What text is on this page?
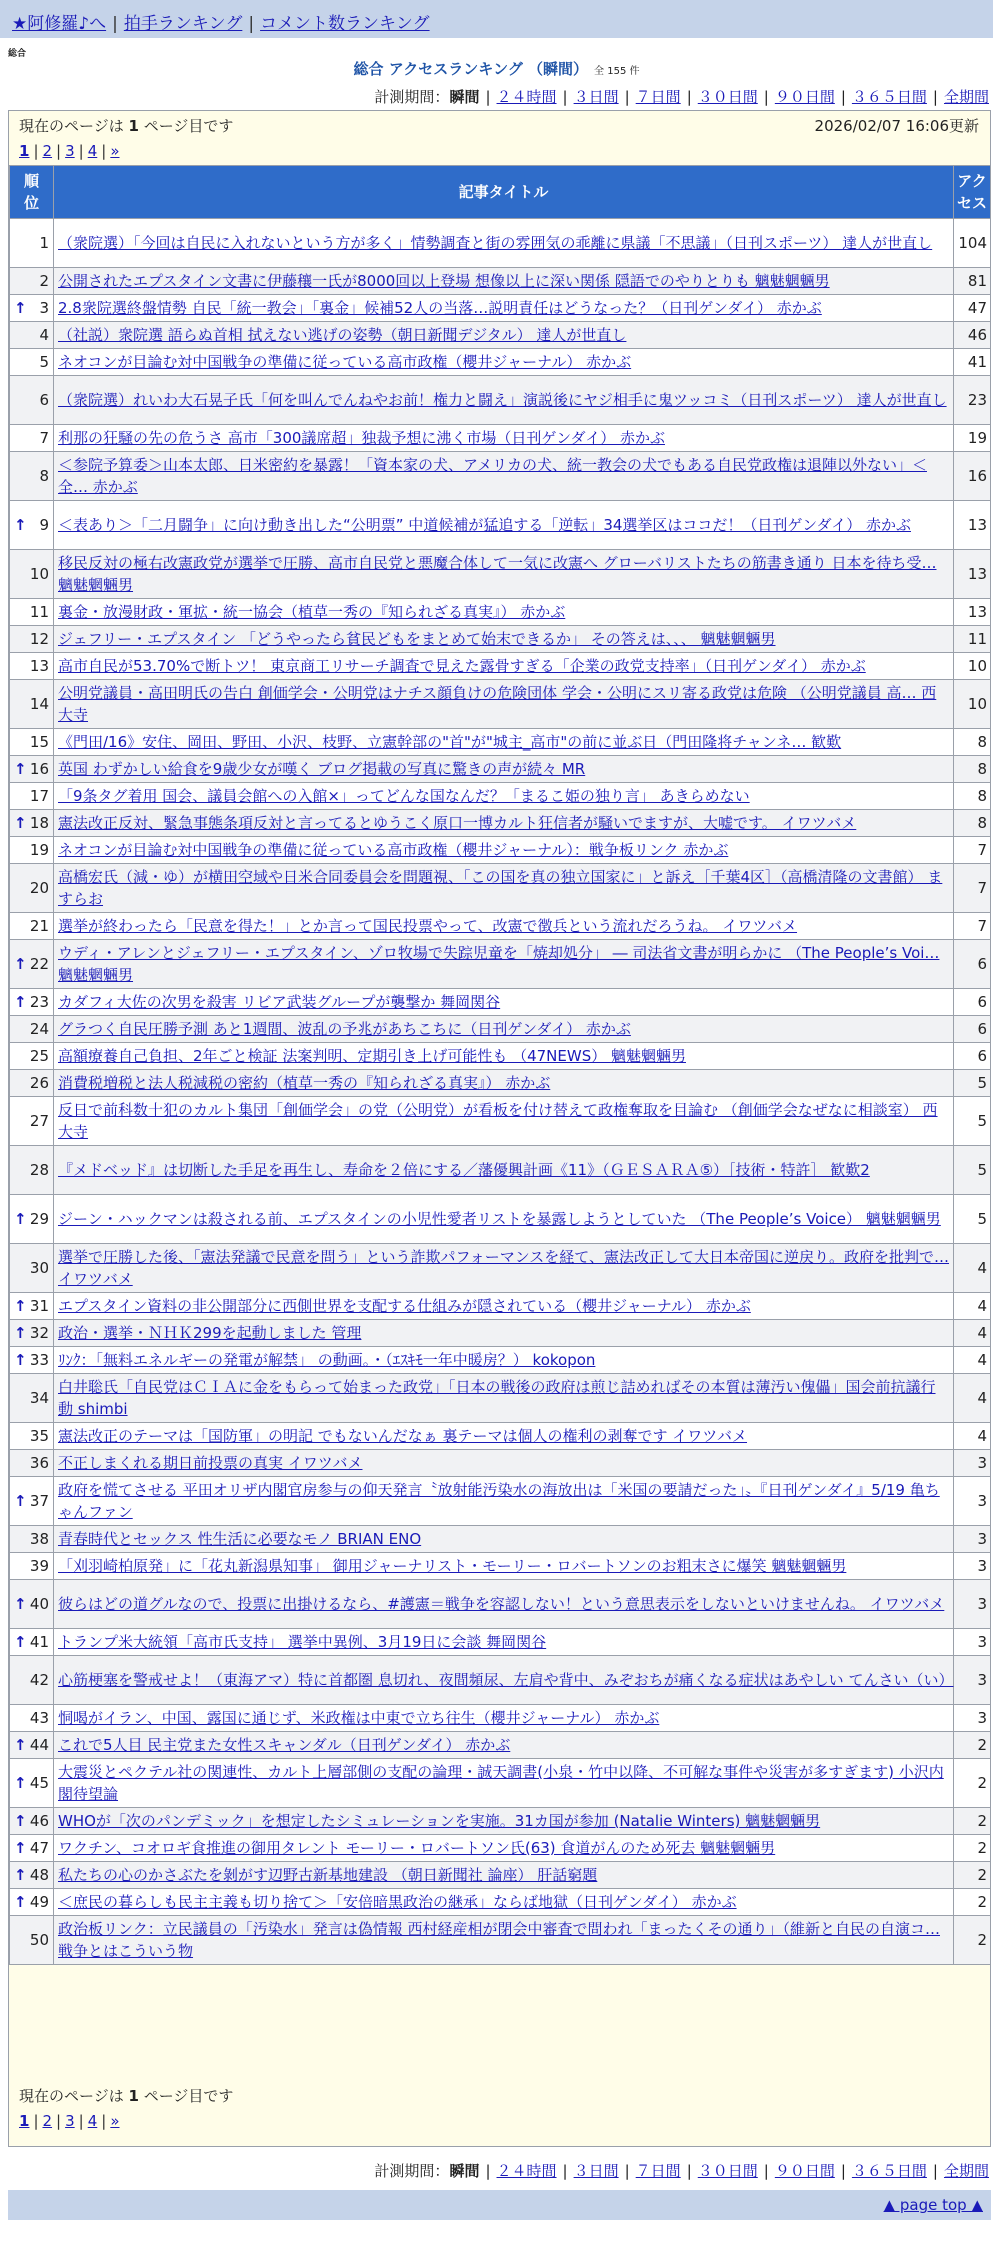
★阿修羅♪へ | 拍手ランキング | コメント数ランキング
総合
総合 アクセスランキング （瞬間） 全 155 件
計測期間：瞬間 | ２４時間 | ３日間 | ７日間 | ３０日間 | ９０日間 | ３６５日間 | 全期間
現在のページは 1 ページ目です	2026/02/07 16:06更新
1 | 2 | 3 | 4 | »
順位	記事タイトル	アクセス
1	（衆院選）「今回は自民に入れないという方が多く」情勢調査と街の雰囲気の乖離に県議「不思議」（日刊スポーツ） 達人が世直し	104
2	公開されたエプスタイン文書に伊藤穰一氏が8000回以上登場 想像以上に深い関係 隠語でのやりとりも 魑魅魍魎男	81

↑ 3	2.8衆院選終盤情勢 自民「統一教会」「裏金」候補52人の当落…説明責任はどうなった？（日刊ゲンダイ） 赤かぶ	47
4	（社説）衆院選 語らぬ首相 拭えない逃げの姿勢（朝日新聞デジタル） 達人が世直し	46
5	ネオコンが目論む対中国戦争の準備に従っている高市政権（櫻井ジャーナル） 赤かぶ	41
6	（衆院選）れいわ大石晃子氏「何を叫んでんねやお前！権力と闘え」演説後にヤジ相手に鬼ツッコミ（日刊スポーツ） 達人が世直し	23
7	利那の狂騒の先の危うさ 高市「300議席超」独裁予想に沸く市場（日刊ゲンダイ） 赤かぶ	19
8	＜参院予算委＞山本太郎、日米密約を暴露！「資本家の犬、アメリカの犬、統一教会の犬でもある自民党政権は退陣以外ない」＜全… 赤かぶ	16

↑ 9	＜表あり＞「二月闘争」に向け動き出した“公明票” 中道候補が猛追する「逆転」34選挙区はココだ！（日刊ゲンダイ） 赤かぶ	13
10	移民反対の極右改憲政党が選挙で圧勝、高市自民党と悪魔合体して一気に改憲へ グローバリストたちの筋書き通り 日本を待ち受… 魑魅魍魎男	13
11	裏金・放漫財政・軍拡・統一協会（植草一秀の『知られざる真実』） 赤かぶ	13
12	ジェフリー・エプスタイン 「どうやったら貧民どもをまとめて始末できるか」 その答えは、、、 魑魅魍魎男	11
13	高市自民が53.70%で断トツ！ 東京商工リサーチ調査で見えた露骨すぎる「企業の政党支持率」（日刊ゲンダイ） 赤かぶ	10
14	公明党議員・高田明氏の告白 創価学会・公明党はナチス顔負けの危険団体 学会・公明にスリ寄る政党は危険 （公明党議員 高… 西大寺	10
15	《門田/16》安住、岡田、野田、小沢、枝野、立憲幹部の"首"が"城主_高市"の前に並ぶ日（門田隆将チャンネ… 歓歎	8

↑ 16	英国 わずかしい給食を9歳少女が嘆く ブログ掲載の写真に驚きの声が続々 MR	8
17	「9条タグ着用 国会、議員会館への入館×」ってどんな国なんだ？「まるこ姫の独り言」 あきらめない	8

↑ 18	憲法改正反対、緊急事態条項反対と言ってるとゆうこく原口一博カルト狂信者が騒いでますが、大嘘です。 イワツバメ	8
19	ネオコンが目論む対中国戦争の準備に従っている高市政権（櫻井ジャーナル）：戦争板リンク 赤かぶ	7
20	高橋宏氏（減・ゆ）が横田空域や日米合同委員会を問題視、「この国を真の独立国家に」と訴え［千葉4区］（高橋清隆の文書館） ますらお	7
21	選挙が終わったら「民意を得た！」とか言って国民投票やって、改憲で徴兵という流れだろうね。 イワツバメ	7

↑ 22	ウディ・アレンとジェフリー・エプスタイン、ゾロ牧場で失踪児童を「焼却処分」 ― 司法省文書が明らかに （The People’s Voi… 魑魅魍魎男	6

↑ 23	カダフィ大佐の次男を殺害 リビア武装グループが襲撃か 舞岡関谷	6
24	グラつく自民圧勝予測 あと1週間、波乱の予兆があちこちに（日刊ゲンダイ） 赤かぶ	6
25	高額療養自己負担、2年ごと検証 法案判明、定期引き上げ可能性も （47NEWS） 魑魅魍魎男	6
26	消費税増税と法人税減税の密約（植草一秀の『知られざる真実』） 赤かぶ	5
27	反日で前科数十犯のカルト集団「創価学会」の党（公明党）が看板を付け替えて政権奪取を目論む （創価学会なぜなに相談室） 西大寺	5
28	『メドベッド』は切断した手足を再生し、寿命を２倍にする／藩優興計画《11》（ＧＥＳＡＲＡ⑤）［技術・特許］ 歓歎2	5

↑ 29	ジーン・ハックマンは殺される前、エプスタインの小児性愛者リストを暴露しようとしていた （The People’s Voice） 魑魅魍魎男	5
30	選挙で圧勝した後、「憲法発議で民意を問う」という詐欺パフォーマンスを経て、憲法改正して大日本帝国に逆戻り。政府を批判で… イワツバメ	4

↑ 31	エプスタイン資料の非公開部分に西側世界を支配する仕組みが隠されている（櫻井ジャーナル） 赤かぶ	4

↑ 32	政治・選挙・ＮＨＫ299を起動しました 管理	4

↑ 33	ﾘﾝｸ：「無料エネルギーの発電が解禁」 の動画。・（ｴｽｷﾓ一年中暖房？） kokopon	4
34	白井聡氏「自民党はＣＩＡに金をもらって始まった政党」「日本の戦後の政府は煎じ詰めればその本質は薄汚い傀儡」国会前抗議行動 shimbi	4
35	憲法改正のテーマは「国防軍」の明記 でもないんだなぁ 裏テーマは個人の権利の剥奪です イワツバメ	4
36	不正しまくれる期日前投票の真実 イワツバメ	3

↑ 37	政府を慌てさせる 平田オリザ内閣官房参与の仰天発言〝放射能汚染水の海放出は「米国の要請だった」〟『日刊ゲンダイ』5/19 亀ちゃんファン	3
38	青春時代とセックス 性生活に必要なモノ BRIAN ENO	3
39	「刈羽崎柏原発」に「花丸新潟県知事」 御用ジャーナリスト・モーリー・ロバートソンのお粗末さに爆笑 魑魅魍魎男	3

↑ 40	彼らはどの道グルなので、投票に出掛けるなら、#護憲＝戦争を容認しない！という意思表示をしないといけませんね。 イワツバメ	3

↑ 41	トランプ米大統領「高市氏支持」 選挙中異例、3月19日に会談 舞岡関谷	3
42	心筋梗塞を警戒せよ！（東海アマ）特に首都圏 息切れ、夜間頻尿、左肩や背中、みぞおちが痛くなる症状はあやしい てんさい（い）	3
43	恫喝がイラン、中国、露国に通じず、米政権は中東で立ち往生（櫻井ジャーナル） 赤かぶ	3

↑ 44	これで5人目 民主党また女性スキャンダル（日刊ゲンダイ） 赤かぶ	2

↑ 45	大震災とペクテル社の関連性、カルト上層部側の支配の論理・誠天調書(小泉・竹中以降、不可解な事件や災害が多すぎます) 小沢内閣待望論	2

↑ 46	WHOが「次のパンデミック」を想定したシミュレーションを実施。31カ国が参加 (Natalie Winters) 魑魅魍魎男	2

↑ 47	ワクチン、コオロギ食推進の御用タレント モーリー・ロバートソン氏(63) 食道がんのため死去 魑魅魍魎男	2

↑ 48	私たちの心のかさぶたを剝がす辺野古新基地建設 （朝日新聞社 論座） 肝話窮題	2

↑ 49	＜庶民の暮らしも民主主義も切り捨て＞「安倍暗黒政治の継承」ならば地獄（日刊ゲンダイ） 赤かぶ	2
50	政治板リンク：立民議員の「汚染水」発言は偽情報 西村経産相が閉会中審査で問われ「まったくその通り」（維新と自民の自演コ… 戦争とはこういう物	2
現在のページは 1 ページ目です
1 | 2 | 3 | 4 | »
計測期間：瞬間 | ２４時間 | ３日間 | ７日間 | ３０日間 | ９０日間 | ３６５日間 | 全期間
▲ page top ▲
